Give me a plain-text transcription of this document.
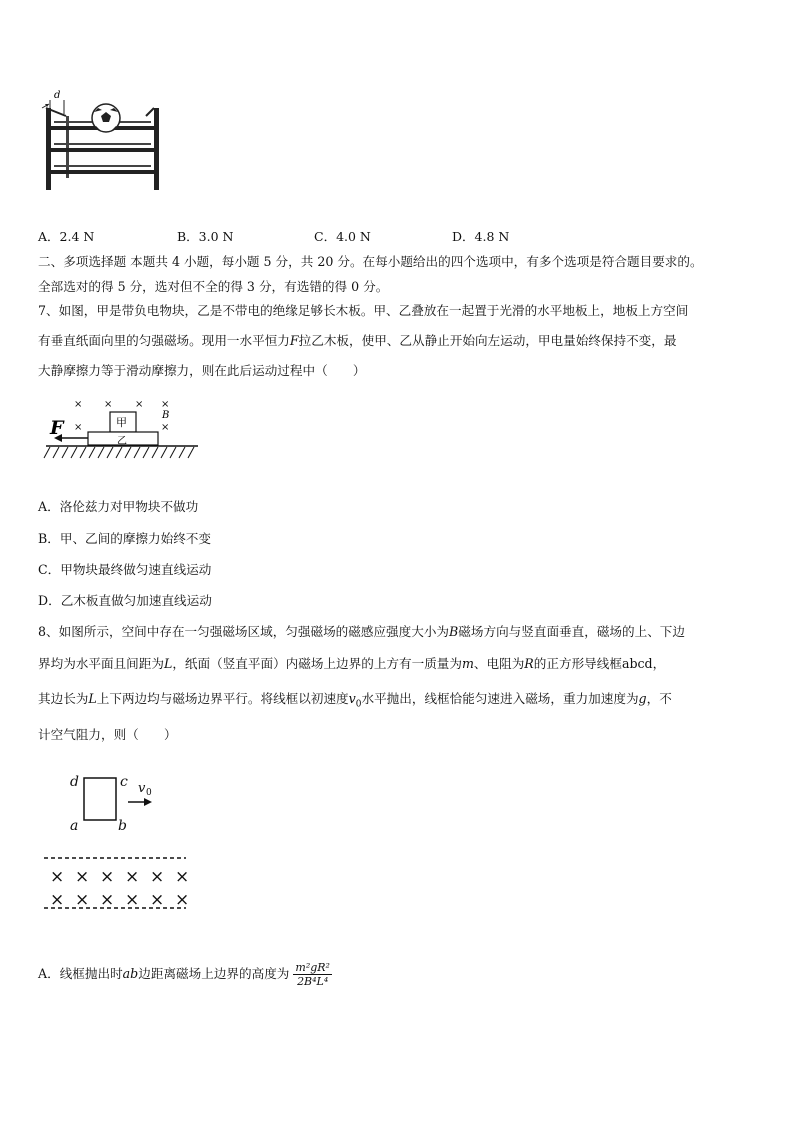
d
A．2.4 N	B．3.0 N	C．4.0 N	D．4.8 N
二、多项选择题 本题共 4 小题，每小题 5 分，共 20 分。在每小题给出的四个选项中，有多个选项是符合题目要求的。
全部选对的得 5 分，选对但不全的得 3 分，有选错的得 0 分。
7、如图，甲是带负电物块，乙是不带电的绝缘足够长木板。甲、乙叠放在一起置于光滑的水平地板上，地板上方空间
有垂直纸面向里的匀强磁场。现用一水平恒力F拉乙木板，使甲、乙从静止开始向左运动，甲电量始终保持不变，最
大静摩擦力等于滑动摩擦力，则在此后运动过程中（　　）
× × × ×
×	×
B
甲
乙
F
A．洛伦兹力对甲物块不做功
B．甲、乙间的摩擦力始终不变
C．甲物块最终做匀速直线运动
D．乙木板直做匀加速直线运动
8、如图所示，空间中存在一匀强磁场区域，匀强磁场的磁感应强度大小为B磁场方向与竖直面垂直，磁场的上、下边
界均为水平面且间距为L，纸面（竖直平面）内磁场上边界的上方有一质量为m、电阻为R的正方形导线框abcd，
其边长为L上下两边均与磁场边界平行。将线框以初速度$v_0$水平抛出，线框恰能匀速进入磁场，重力加速度为g，不
计空气阻力，则（　　）
d	c
a	b
v 0
× × × × × ×
× × × × × ×
A．线框抛出时ab边距离磁场上边界的高度为 $\frac{\text{m²gR²}}{\text{2B⁴L⁴}}$
